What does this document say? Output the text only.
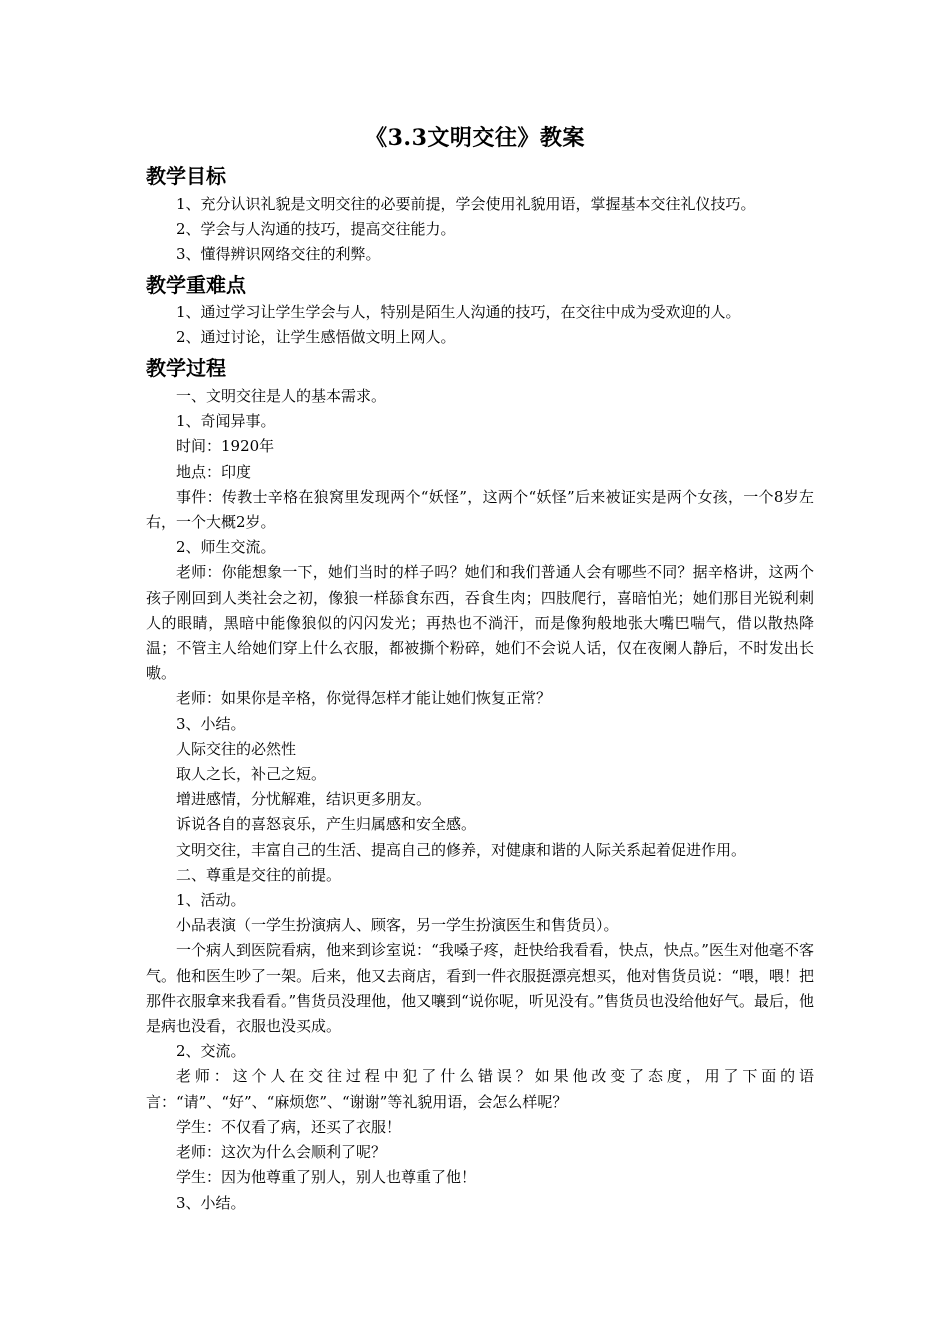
《3.3文明交往》教案
教学目标

1、充分认识礼貌是文明交往的必要前提，学会使用礼貌用语，掌握基本交往礼仪技巧。

2、学会与人沟通的技巧，提高交往能力。

3、懂得辨识网络交往的利弊。

教学重难点

1、通过学习让学生学会与人，特别是陌生人沟通的技巧，在交往中成为受欢迎的人。

2、通过讨论，让学生感悟做文明上网人。

教学过程

一、文明交往是人的基本需求。

1、奇闻异事。

时间：1920年

地点：印度

事件：传教士辛格在狼窝里发现两个“妖怪”，这两个“妖怪”后来被证实是两个女孩，一个8岁左右，一个大概2岁。

2、师生交流。

老师：你能想象一下，她们当时的样子吗？她们和我们普通人会有哪些不同？据辛格讲，这两个孩子刚回到人类社会之初，像狼一样舔食东西，吞食生肉；四肢爬行，喜暗怕光；她们那目光锐利刺人的眼睛，黑暗中能像狼似的闪闪发光；再热也不淌汗，而是像狗般地张大嘴巴喘气，借以散热降温；不管主人给她们穿上什么衣服，都被撕个粉碎，她们不会说人话，仅在夜阑人静后，不时发出长嗷。

老师：如果你是辛格，你觉得怎样才能让她们恢复正常？

3、小结。

人际交往的必然性

取人之长，补己之短。

增进感情，分忧解难，结识更多朋友。

诉说各自的喜怒哀乐，产生归属感和安全感。

文明交往，丰富自己的生活、提高自己的修养，对健康和谐的人际关系起着促进作用。

二、尊重是交往的前提。

1、活动。

小品表演（一学生扮演病人、顾客，另一学生扮演医生和售货员）。

一个病人到医院看病，他来到诊室说：“我嗓子疼，赶快给我看看，快点，快点。”医生对他毫不客气。他和医生吵了一架。后来，他又去商店，看到一件衣服挺漂亮想买，他对售货员说：“喂，喂！把那件衣服拿来我看看。”售货员没理他，他又嚷到“说你呢，听见没有。”售货员也没给他好气。最后，他是病也没看，衣服也没买成。

2、交流。

老师：这个人在交往过程中犯了什么错误？如果他改变了态度，用了下面的语言：“请”、“好”、“麻烦您”、“谢谢”等礼貌用语，会怎么样呢？

学生：不仅看了病，还买了衣服！

老师：这次为什么会顺利了呢？

学生：因为他尊重了别人，别人也尊重了他！

3、小结。
